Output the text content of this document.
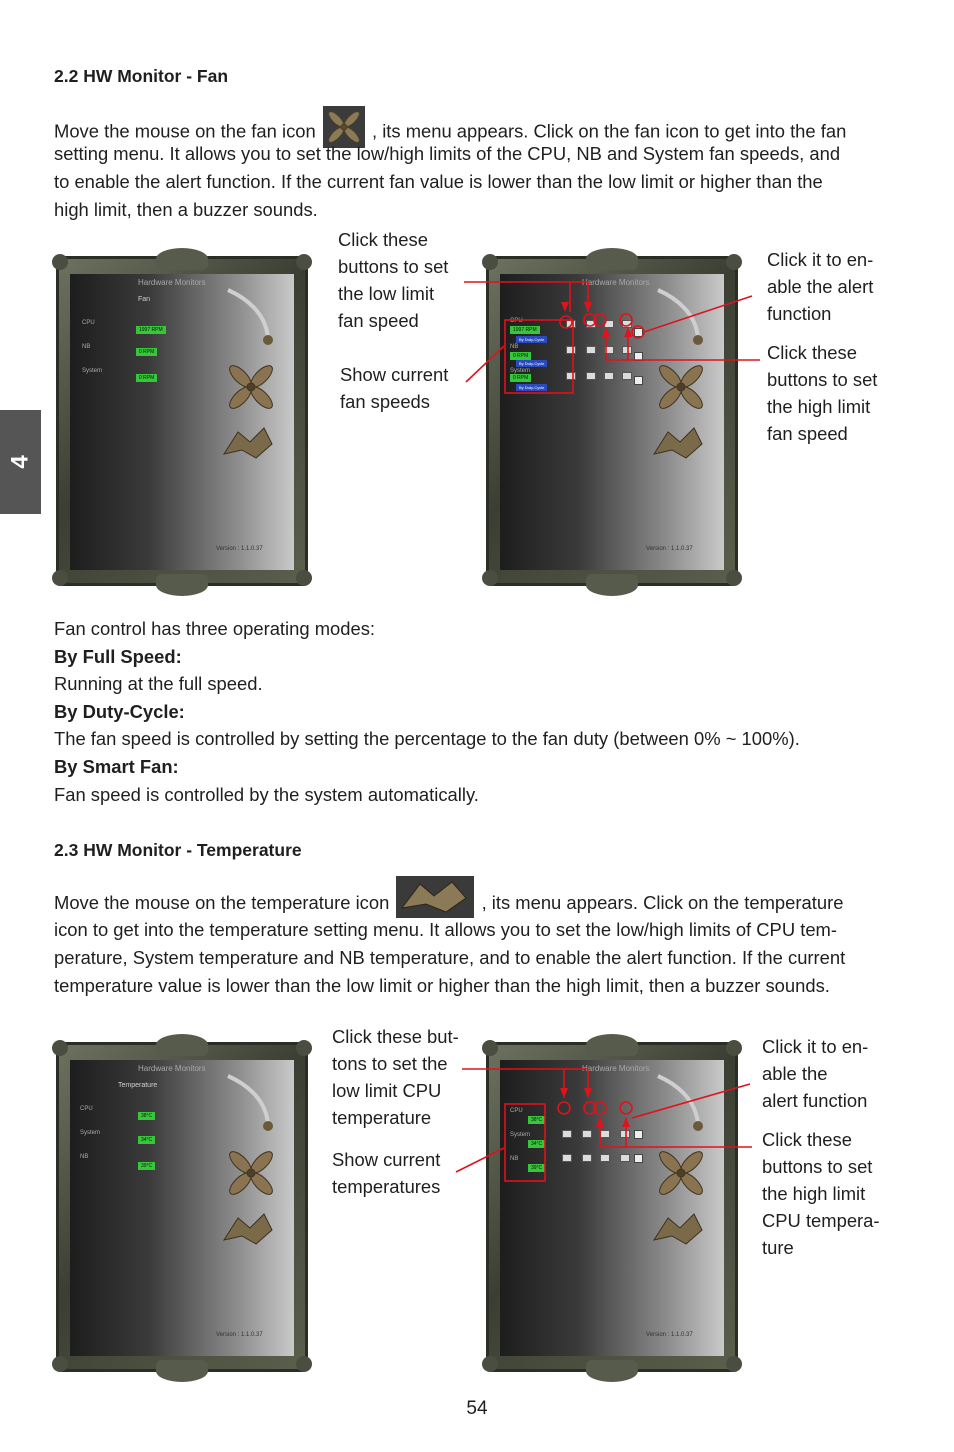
4
2.2 HW Monitor - Fan
Move the mouse on the fan icon	, its menu appears. Click on the fan icon to get into the fan
setting menu. It allows you to set the low/high limits of the CPU, NB and System fan speeds, and
to enable the alert function. If the current fan value is lower than the low limit or higher than the
high limit, then a buzzer sounds.
Hardware Monitors
Fan
CPU
NB
System
1997 RPM
0 RPM
0 RPM
Version : 1.1.0.37
Hardware Monitors
CPU
1997 RPM
By Duty-Cycle
NB
0 RPM
By Duty-Cycle
System
0 RPM
By Duty-Cycle
Version : 1.1.0.37
Click these
buttons to set
the low limit
fan speed
Show current
fan speeds
Click it to en-
able the alert
function
Click these
buttons to set
the high limit
fan speed
Fan control has three operating modes:
By Full Speed:
Running at the full speed.
By Duty-Cycle:
The fan speed is controlled by setting the percentage to the fan duty (between 0% ~ 100%).
By Smart Fan:
Fan speed is controlled by the system automatically.
2.3 HW Monitor - Temperature
Move the mouse on the temperature icon	, its menu appears. Click on the temperature
icon to get into the temperature setting menu. It allows you to set the low/high limits of CPU tem-
perature, System temperature and NB temperature, and to enable the alert function. If the current
temperature value is lower than the low limit or higher than the high limit, then a buzzer sounds.
Hardware Monitors
Temperature
CPU
System
NB
38°C
34°C
39°C
Version : 1.1.0.37
Hardware Monitors
CPU
System
NB
38°C
34°C
39°C
Version : 1.1.0.37
Click these but-
tons to set the
low limit CPU
temperature
Show current
temperatures
Click it to en-
able the
alert function
Click these
buttons to set
the high limit
CPU tempera-
ture
54
